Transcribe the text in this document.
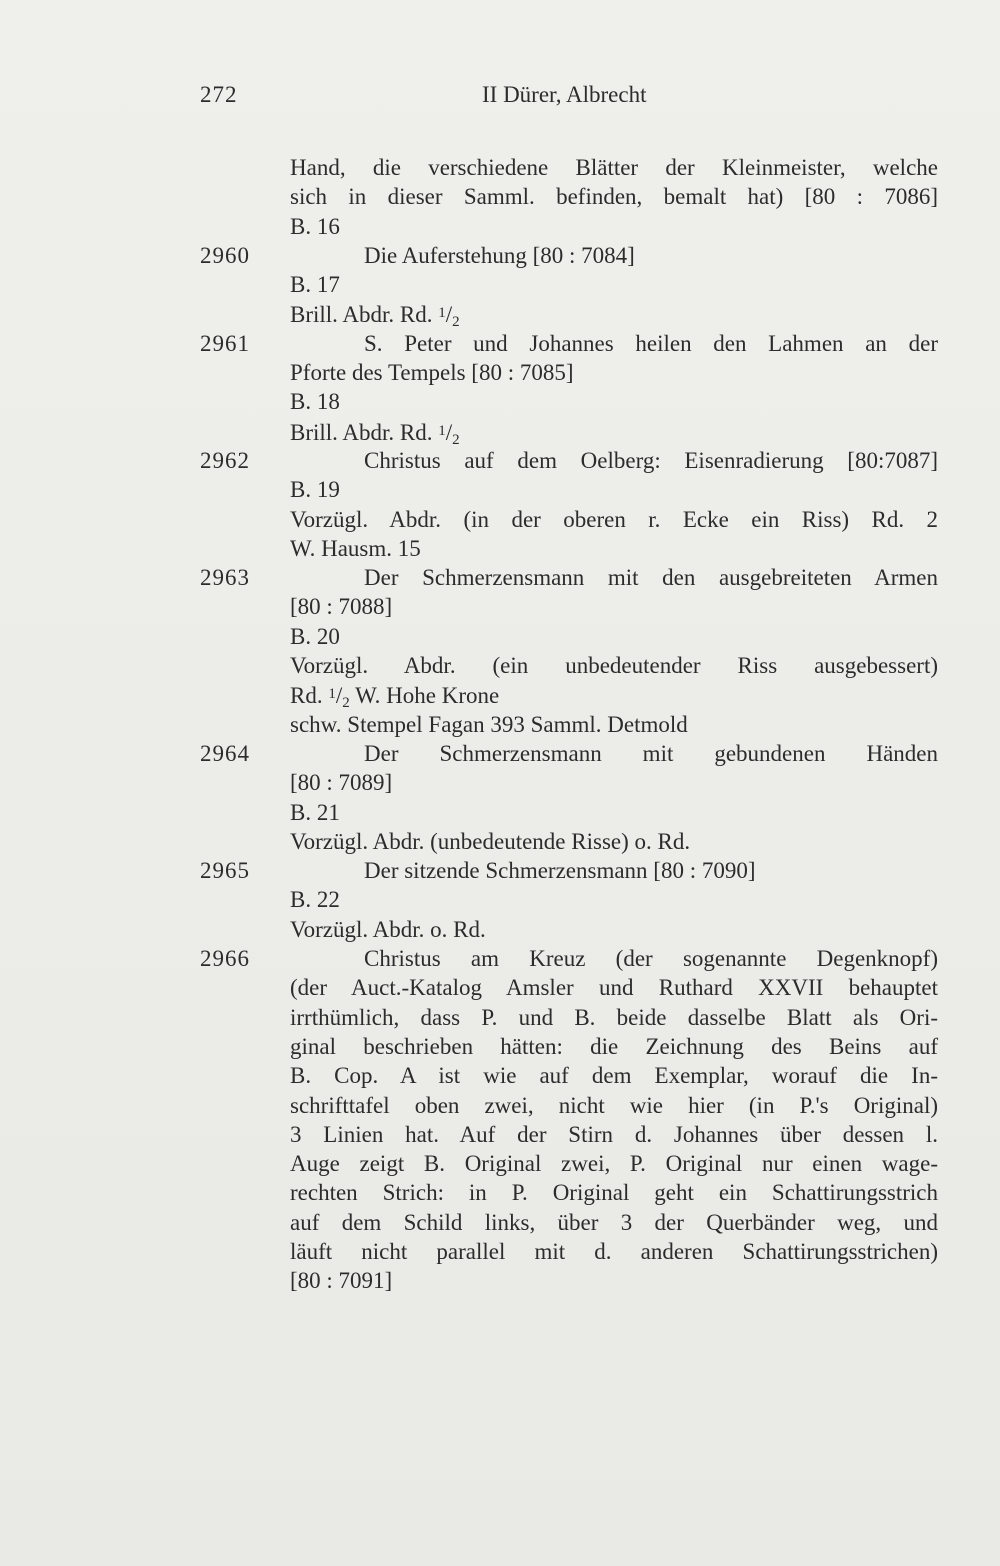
272	II Dürer, Albrecht
Hand, die verschiedene Blätter der Kleinmeister, welche
sich in dieser Samml. befinden, bemalt hat) [80 : 7086]
B. 16
2960	Die Auferstehung [80 : 7084]
B. 17
Brill. Abdr. Rd. $^1$/2
2961	S. Peter und Johannes heilen den Lahmen an der
Pforte des Tempels [80 : 7085]
B. 18
Brill. Abdr. Rd. $^1$/2
2962	Christus auf dem Oelberg: Eisenradierung [80:7087]
B. 19
Vorzügl. Abdr. (in der oberen r. Ecke ein Riss) Rd. 2
W. Hausm. 15
2963	Der Schmerzensmann mit den ausgebreiteten Armen
[80 : 7088]
B. 20
Vorzügl. Abdr. (ein unbedeutender Riss ausgebessert)
Rd. $^1$/2 W. Hohe Krone
schw. Stempel Fagan 393 Samml. Detmold
2964	Der Schmerzensmann mit gebundenen Händen
[80 : 7089]
B. 21
Vorzügl. Abdr. (unbedeutende Risse) o. Rd.
2965	Der sitzende Schmerzensmann [80 : 7090]
B. 22
Vorzügl. Abdr. o. Rd.
2966	Christus am Kreuz (der sogenannte Degenknopf)
(der Auct.-Katalog Amsler und Ruthard XXVII behauptet
irrthümlich, dass P. und B. beide dasselbe Blatt als Ori-
ginal beschrieben hätten: die Zeichnung des Beins auf
B. Cop. A ist wie auf dem Exemplar, worauf die In-
schrifttafel oben zwei, nicht wie hier (in P.'s Original)
3 Linien hat. Auf der Stirn d. Johannes über dessen l.
Auge zeigt B. Original zwei, P. Original nur einen wage-
rechten Strich: in P. Original geht ein Schattirungsstrich
auf dem Schild links, über 3 der Querbänder weg, und
läuft nicht parallel mit d. anderen Schattirungsstrichen)
[80 : 7091]
